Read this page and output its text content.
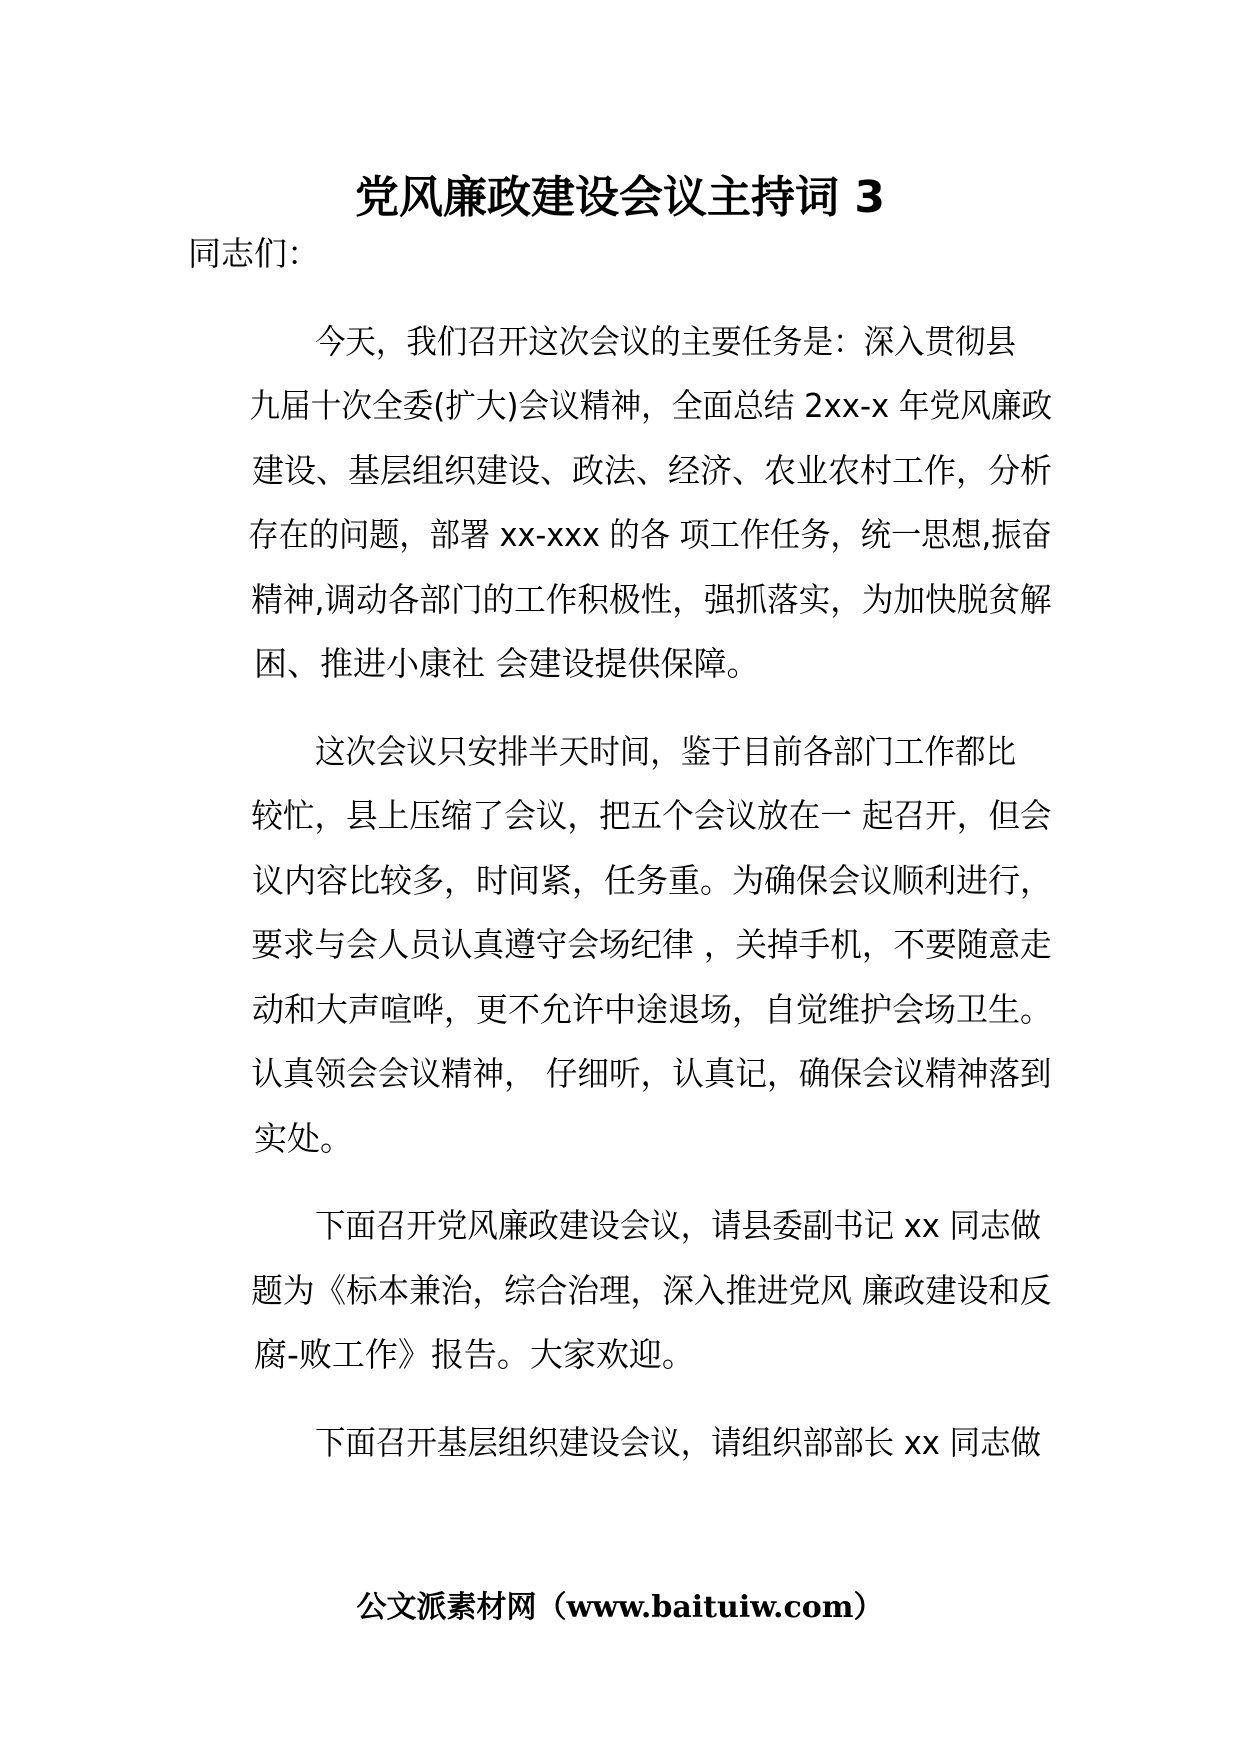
党风廉政建设会议主持词 3

同志们：

今天，我们召开这次会议的主要任务是：深入贯彻县 九届十次全委(扩大)会议精神，全面总结 2xx-x 年党风廉政 建设、基层组织建设、政法、经济、农业农村工作，分析 存在的问题，部署 xx-xxx 的各 项工作任务，统一思想,振奋 精神,调动各部门的工作积极性，强抓落实，为加快脱贫解
困、推进小康社 会建设提供保障。

这次会议只安排半天时间，鉴于目前各部门工作都比 较忙，县上压缩了会议，把五个会议放在一 起召开，但会 议内容比较多，时间紧，任务重。为确保会议顺利进行， 要求与会人员认真遵守会场纪律 ，关掉手机，不要随意走 动和大声喧哗，更不允许中途退场，自觉维护会场卫生。 认真领会会议精神， 仔细听，认真记，确保会议精神落到
实处。

下面召开党风廉政建设会议，请县委副书记 xx 同志做 题为《标本兼治，综合治理，深入推进党风 廉政建设和反
腐-败工作》报告。大家欢迎。

下面召开基层组织建设会议，请组织部部长 xx 同志做

公文派素材网（www.baituiw.com）
